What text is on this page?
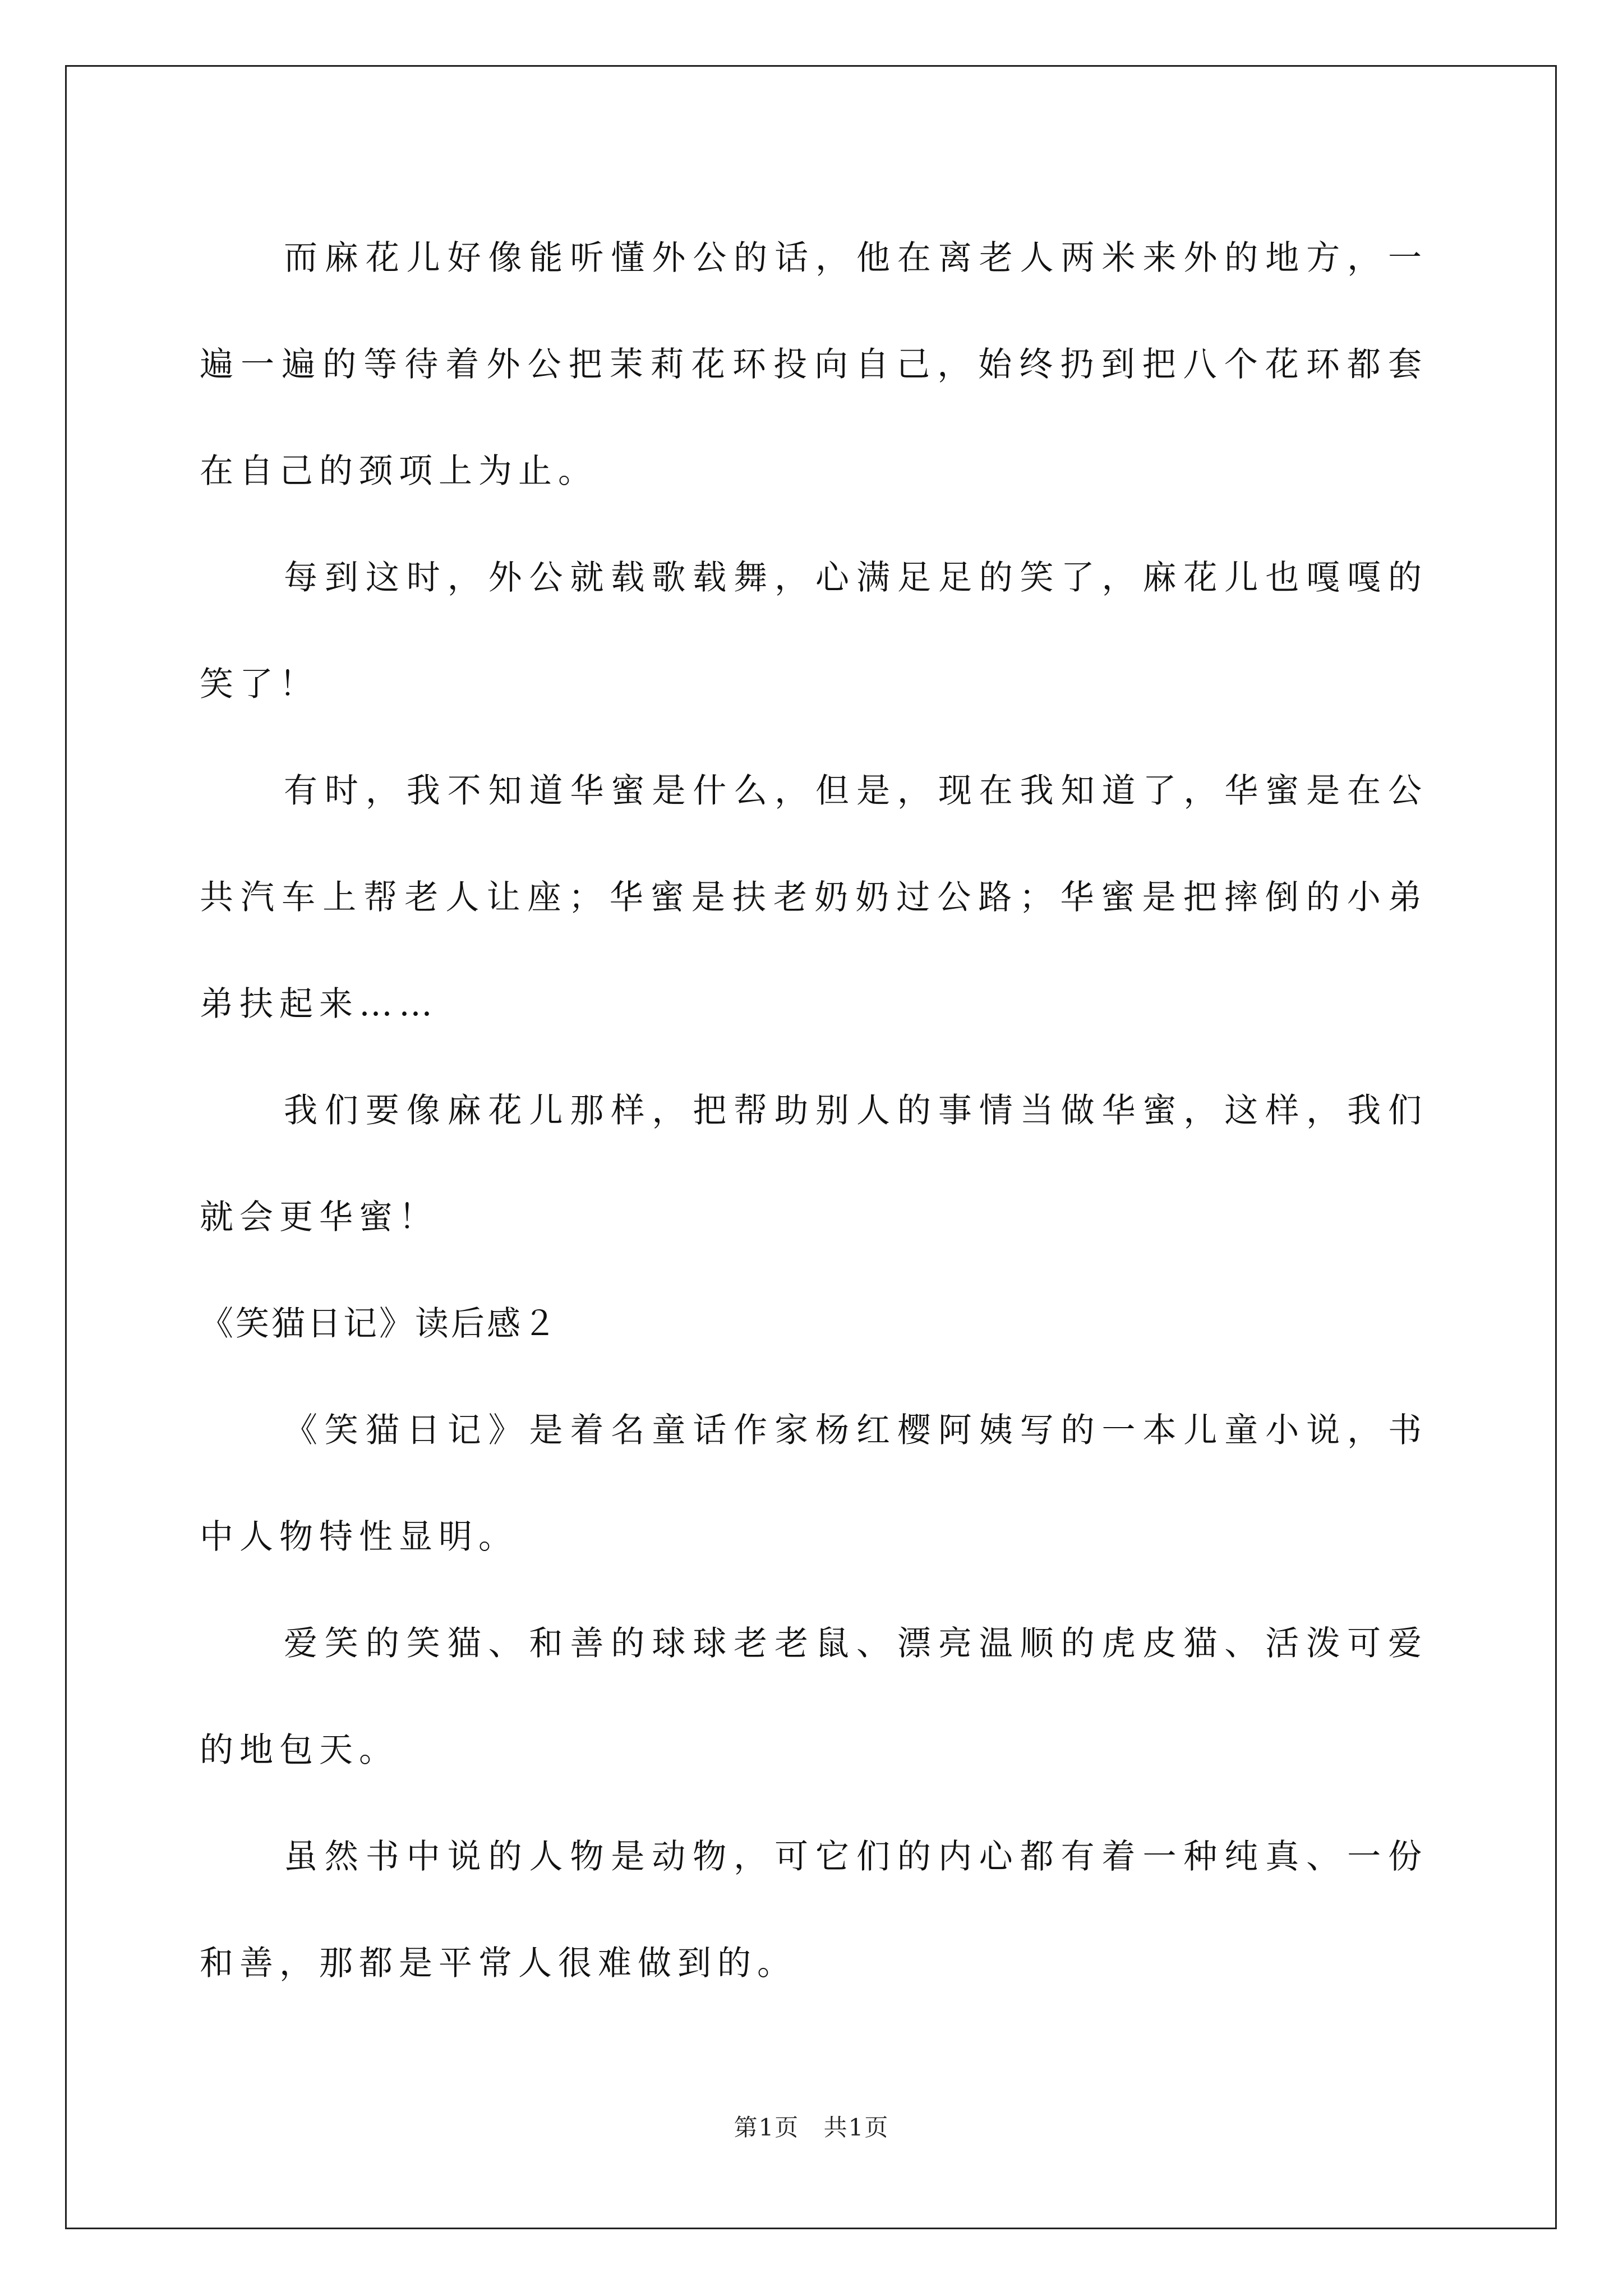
而麻花儿好像能听懂外公的话，他在离老人两米来外的地方，一遍一遍的等待着外公把茉莉花环投向自己，始终扔到把八个花环都套在自己的颈项上为止。

每到这时，外公就载歌载舞，心满足足的笑了，麻花儿也嘎嘎的笑了！

有时，我不知道华蜜是什么，但是，现在我知道了，华蜜是在公共汽车上帮老人让座；华蜜是扶老奶奶过公路；华蜜是把摔倒的小弟弟扶起来……

我们要像麻花儿那样，把帮助别人的事情当做华蜜，这样，我们就会更华蜜！

《笑猫日记》读后感２

《笑猫日记》是着名童话作家杨红樱阿姨写的一本儿童小说，书中人物特性显明。

爱笑的笑猫、和善的球球老老鼠、漂亮温顺的虎皮猫、活泼可爱的地包天。

虽然书中说的人物是动物，可它们的内心都有着一种纯真、一份和善，那都是平常人很难做到的。

第1页 共1页
